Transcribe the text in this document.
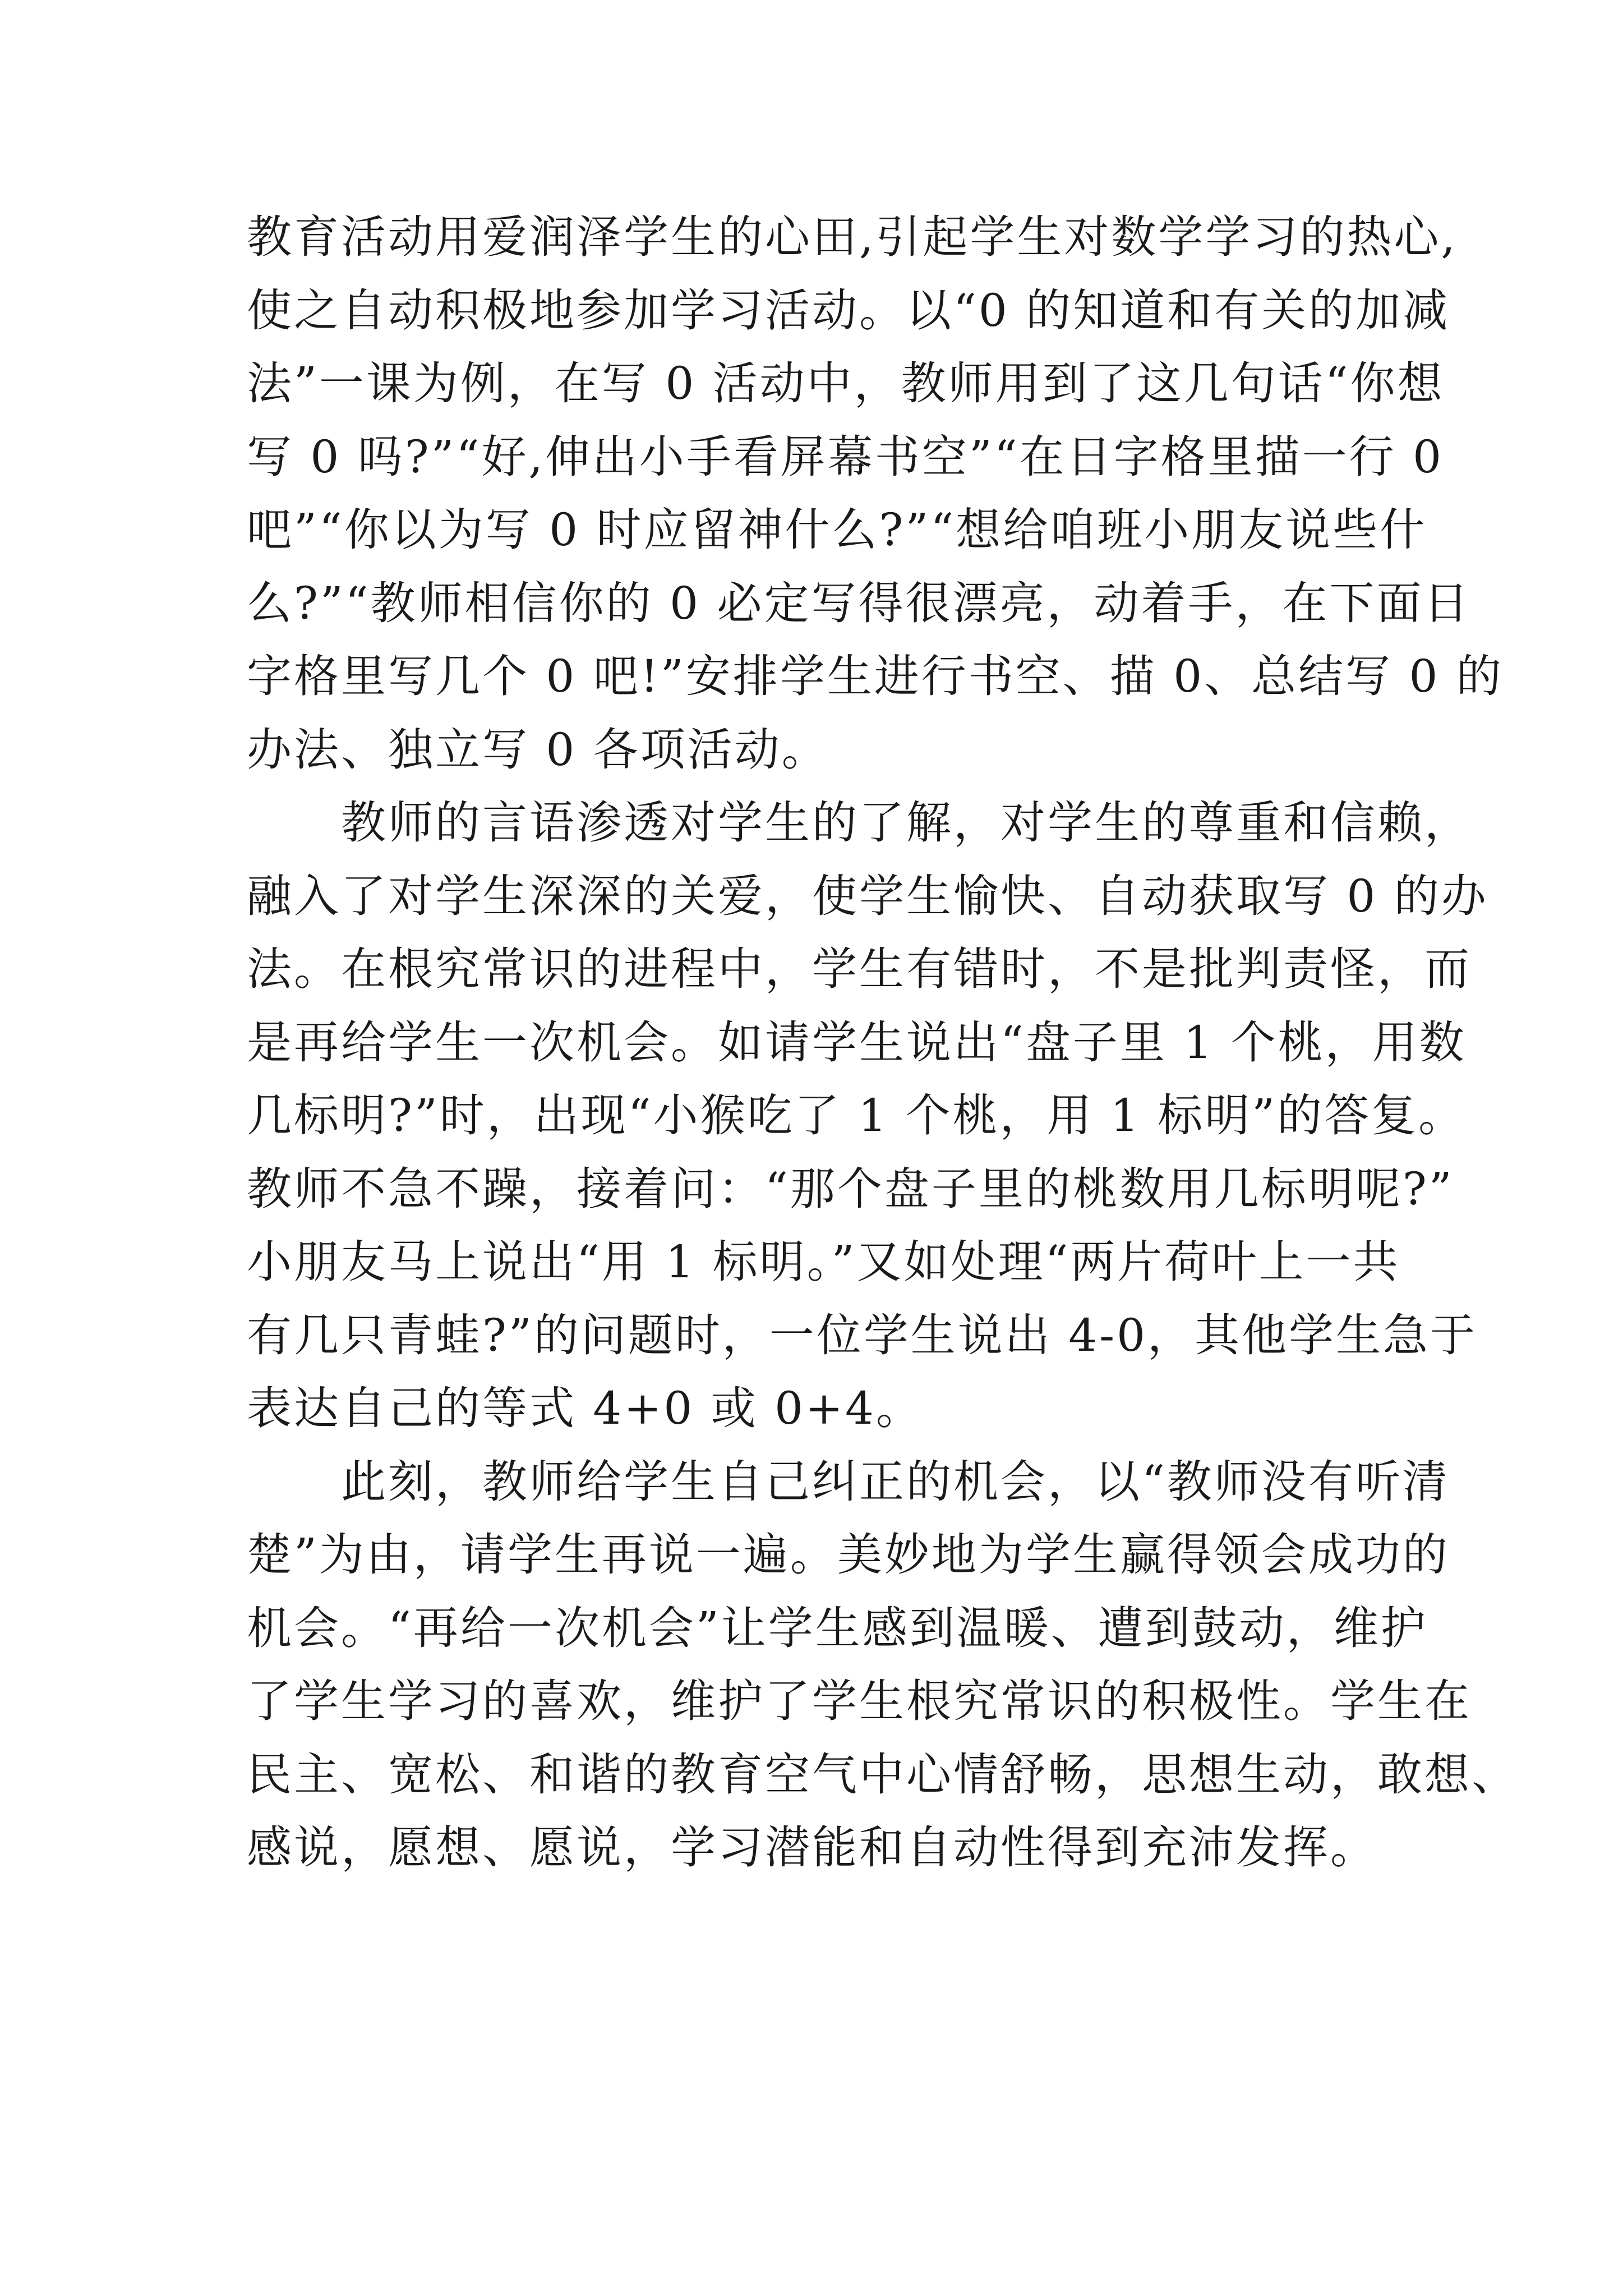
教育活动用爱润泽学生的心田,引起学生对数学学习的热心,
使之自动积极地参加学习活动。以“0 的知道和有关的加减
法”一课为例，在写 0 活动中，教师用到了这几句话“你想
写 0 吗?”“好,伸出小手看屏幕书空”“在日字格里描一行 0
吧”“你以为写 0 时应留神什么?”“想给咱班小朋友说些什
么?”“教师相信你的 0 必定写得很漂亮，动着手，在下面日
字格里写几个 0 吧!”安排学生进行书空、描 0、总结写 0 的
办法、独立写 0 各项活动。
　　教师的言语渗透对学生的了解，对学生的尊重和信赖，
融入了对学生深深的关爱，使学生愉快、自动获取写 0 的办
法。在根究常识的进程中，学生有错时，不是批判责怪，而
是再给学生一次机会。如请学生说出“盘子里 1 个桃，用数
几标明?”时，出现“小猴吃了 1 个桃，用 1 标明”的答复。
教师不急不躁，接着问：“那个盘子里的桃数用几标明呢?”
小朋友马上说出“用 1 标明。”又如处理“两片荷叶上一共
有几只青蛙?”的问题时，一位学生说出 4-0，其他学生急于
表达自己的等式 4+0 或 0+4。
　　此刻，教师给学生自己纠正的机会，以“教师没有听清
楚”为由，请学生再说一遍。美妙地为学生赢得领会成功的
机会。“再给一次机会”让学生感到温暖、遭到鼓动，维护
了学生学习的喜欢，维护了学生根究常识的积极性。学生在
民主、宽松、和谐的教育空气中心情舒畅，思想生动，敢想、
感说，愿想、愿说，学习潜能和自动性得到充沛发挥。
